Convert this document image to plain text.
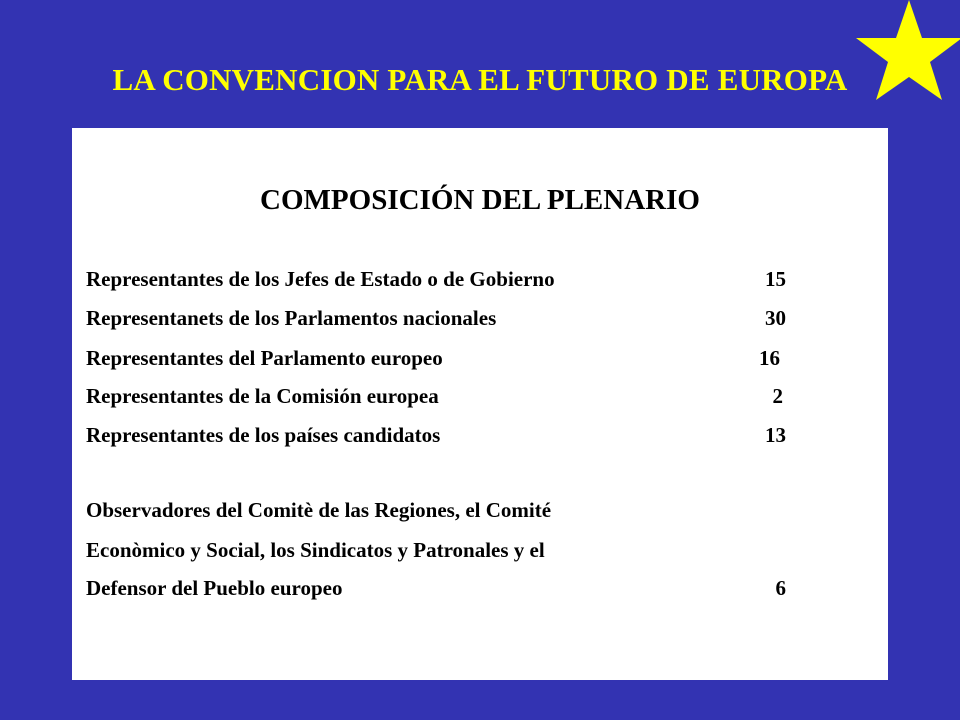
LA CONVENCION PARA EL FUTURO DE EUROPA
COMPOSICIÓN DEL PLENARIO
Representantes de los Jefes de Estado o de Gobierno	15
Representanets de los Parlamentos nacionales	30
Representantes del Parlamento europeo	16
Representantes de la Comisión europea	2
Representantes de los países candidatos	13
Observadores del Comitè de las Regiones, el Comité
Econòmico y Social, los Sindicatos y Patronales y el
Defensor del Pueblo europeo	6
